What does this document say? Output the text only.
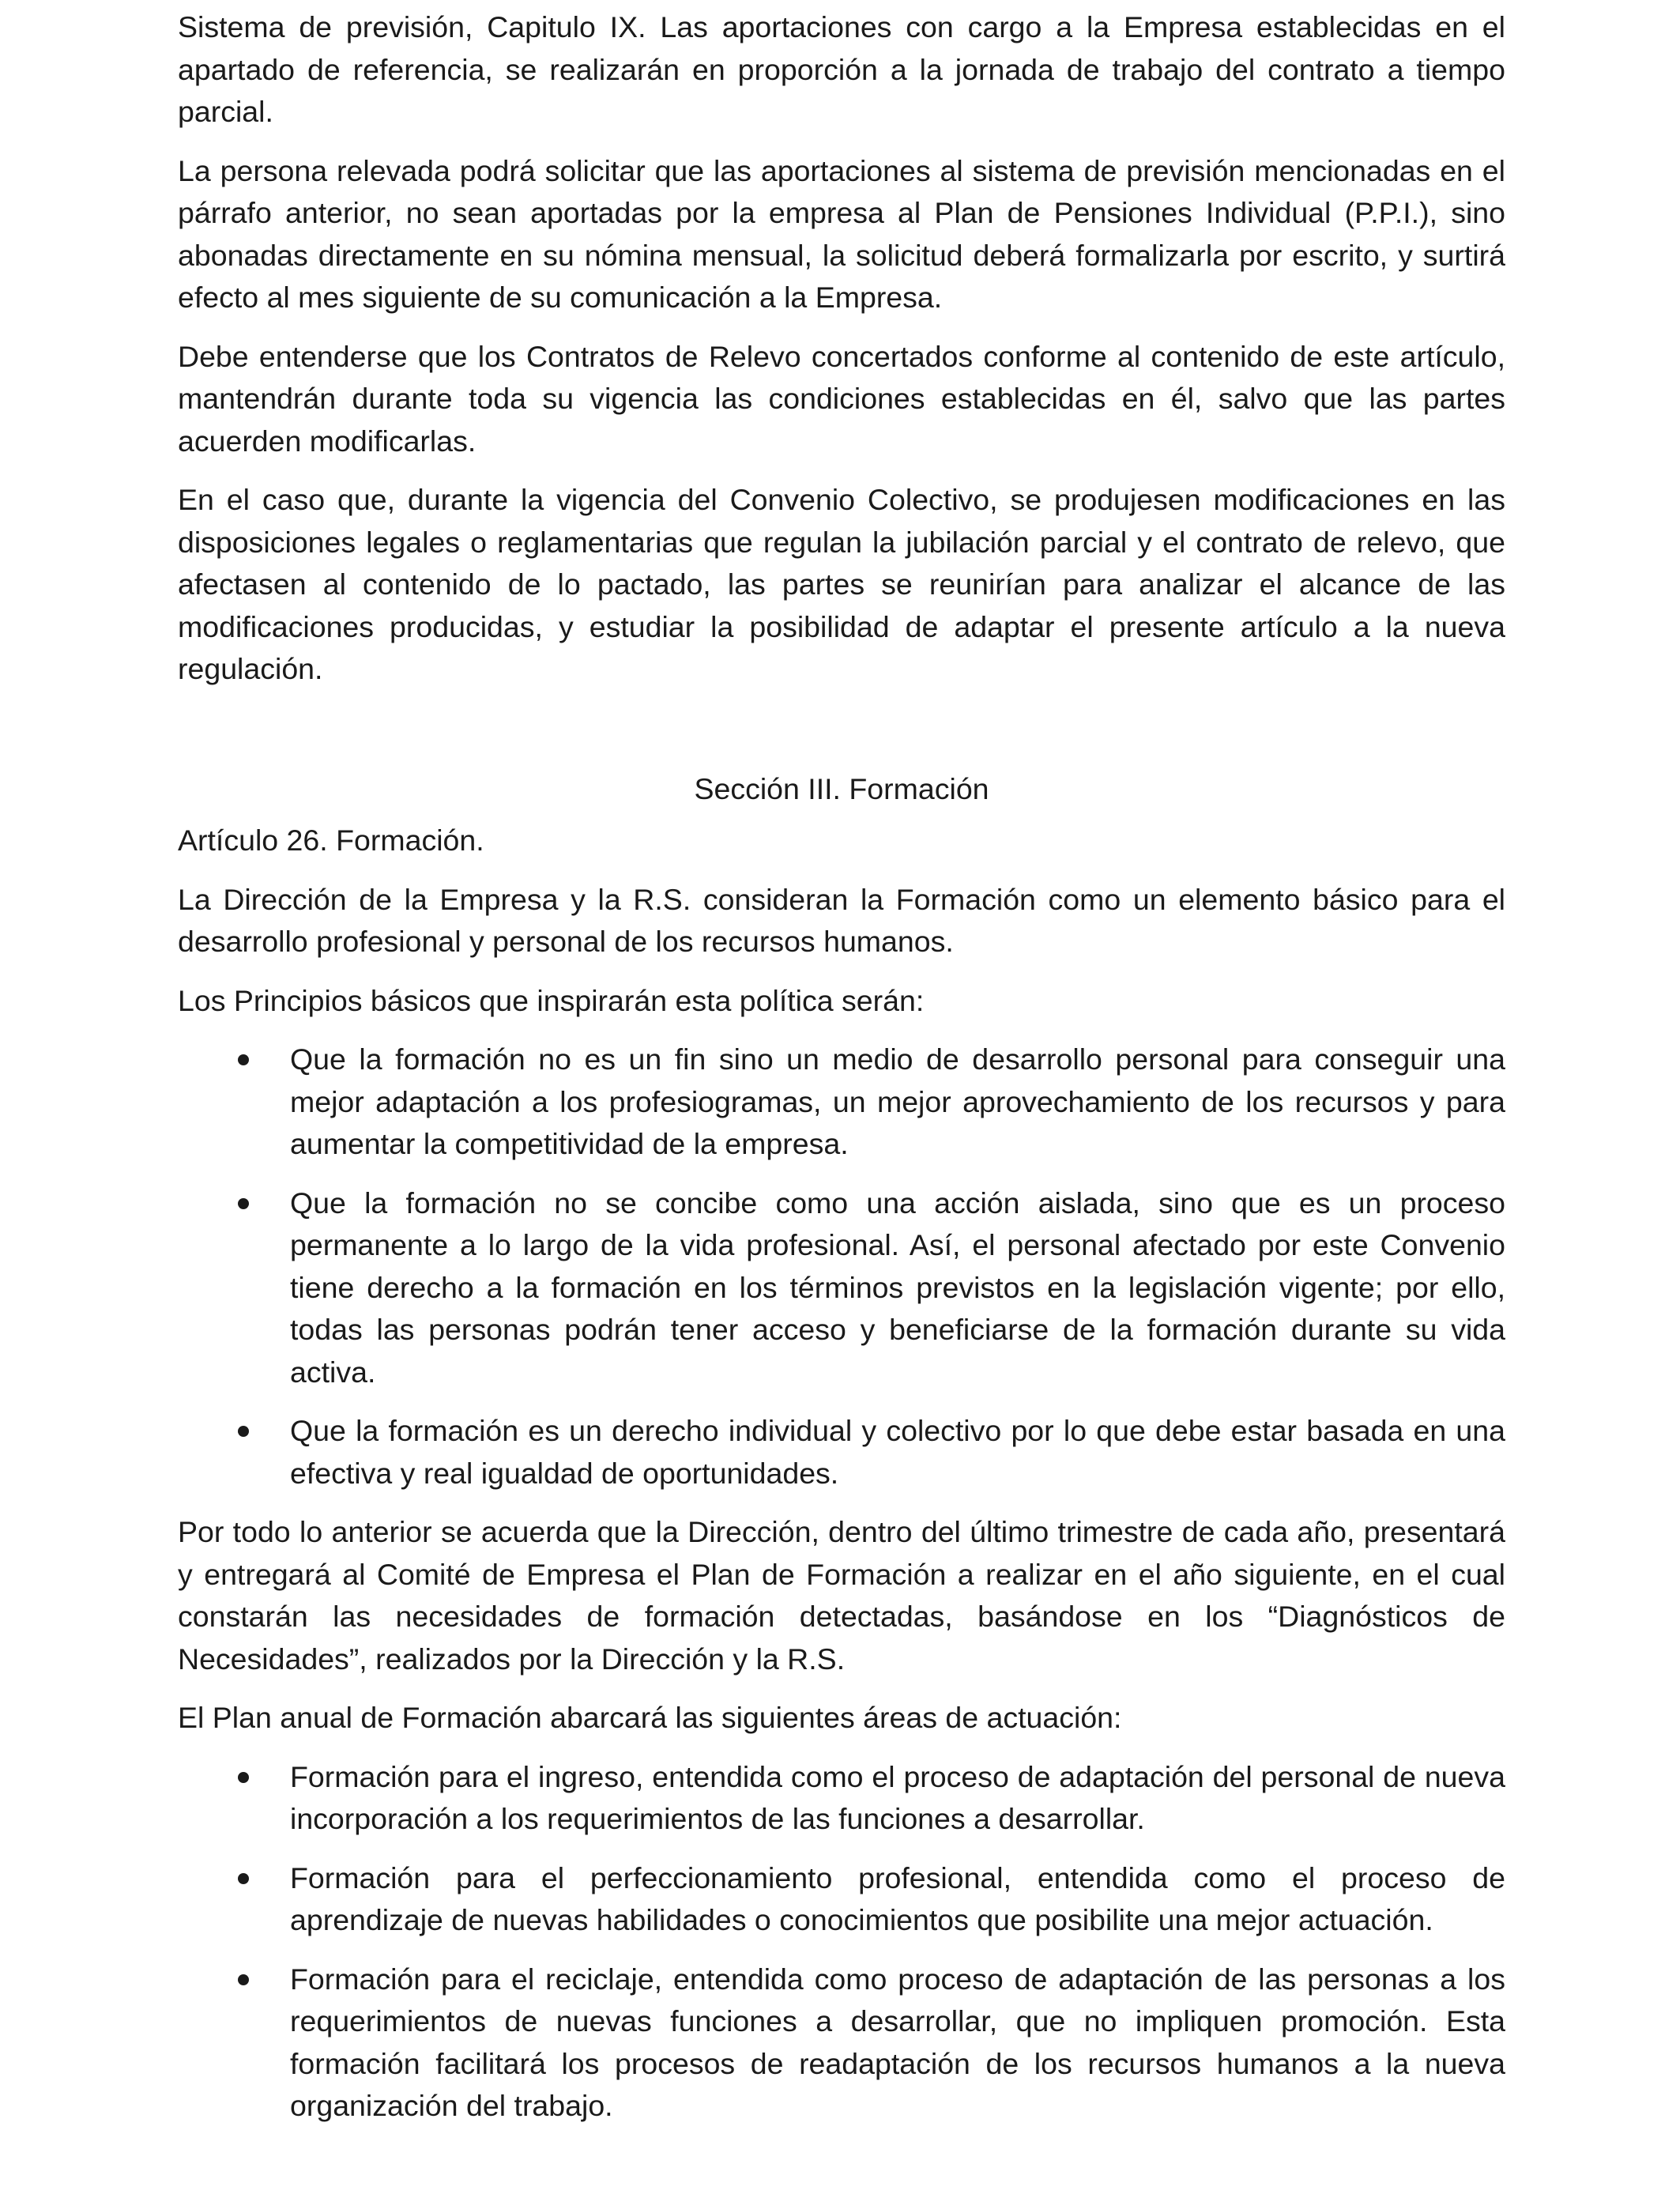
Sistema de previsión, Capitulo IX. Las aportaciones con cargo a la Empresa establecidas en el apartado de referencia, se realizarán en proporción a la jornada de trabajo del contrato a tiempo parcial.

La persona relevada podrá solicitar que las aportaciones al sistema de previsión mencionadas en el párrafo anterior, no sean aportadas por la empresa al Plan de Pensiones Individual (P.P.I.), sino abonadas directamente en su nómina mensual, la solicitud deberá formalizarla por escrito, y surtirá efecto al mes siguiente de su comunicación a la Empresa.

Debe entenderse que los Contratos de Relevo concertados conforme al contenido de este artículo, mantendrán durante toda su vigencia las condiciones establecidas en él, salvo que las partes acuerden modificarlas.

En el caso que, durante la vigencia del Convenio Colectivo, se produjesen modificaciones en las disposiciones legales o reglamentarias que regulan la jubilación parcial y el contrato de relevo, que afectasen al contenido de lo pactado, las partes se reunirían para analizar el alcance de las modificaciones producidas, y estudiar la posibilidad de adaptar el presente artículo a la nueva regulación.

Sección III. Formación

Artículo 26. Formación.

La Dirección de la Empresa y la R.S. consideran la Formación como un elemento básico para el desarrollo profesional y personal de los recursos humanos.

Los Principios básicos que inspirarán esta política serán:

Que la formación no es un fin sino un medio de desarrollo personal para conseguir una mejor adaptación a los profesiogramas, un mejor aprovechamiento de los recursos y para aumentar la competitividad de la empresa.
Que la formación no se concibe como una acción aislada, sino que es un proceso permanente a lo largo de la vida profesional. Así, el personal afectado por este Convenio tiene derecho a la formación en los términos previstos en la legislación vigente; por ello, todas las personas podrán tener acceso y beneficiarse de la formación durante su vida activa.
Que la formación es un derecho individual y colectivo por lo que debe estar basada en una efectiva y real igualdad de oportunidades.

Por todo lo anterior se acuerda que la Dirección, dentro del último trimestre de cada año, presentará y entregará al Comité de Empresa el Plan de Formación a realizar en el año siguiente, en el cual constarán las necesidades de formación detectadas, basándose en los “Diagnósticos de Necesidades”, realizados por la Dirección y la R.S.

El Plan anual de Formación abarcará las siguientes áreas de actuación:

Formación para el ingreso, entendida como el proceso de adaptación del personal de nueva incorporación a los requerimientos de las funciones a desarrollar.
Formación para el perfeccionamiento profesional, entendida como el proceso de aprendizaje de nuevas habilidades o conocimientos que posibilite una mejor actuación.
Formación para el reciclaje, entendida como proceso de adaptación de las personas a los requerimientos de nuevas funciones a desarrollar, que no impliquen promoción. Esta formación facilitará los procesos de readaptación de los recursos humanos a la nueva organización del trabajo.
